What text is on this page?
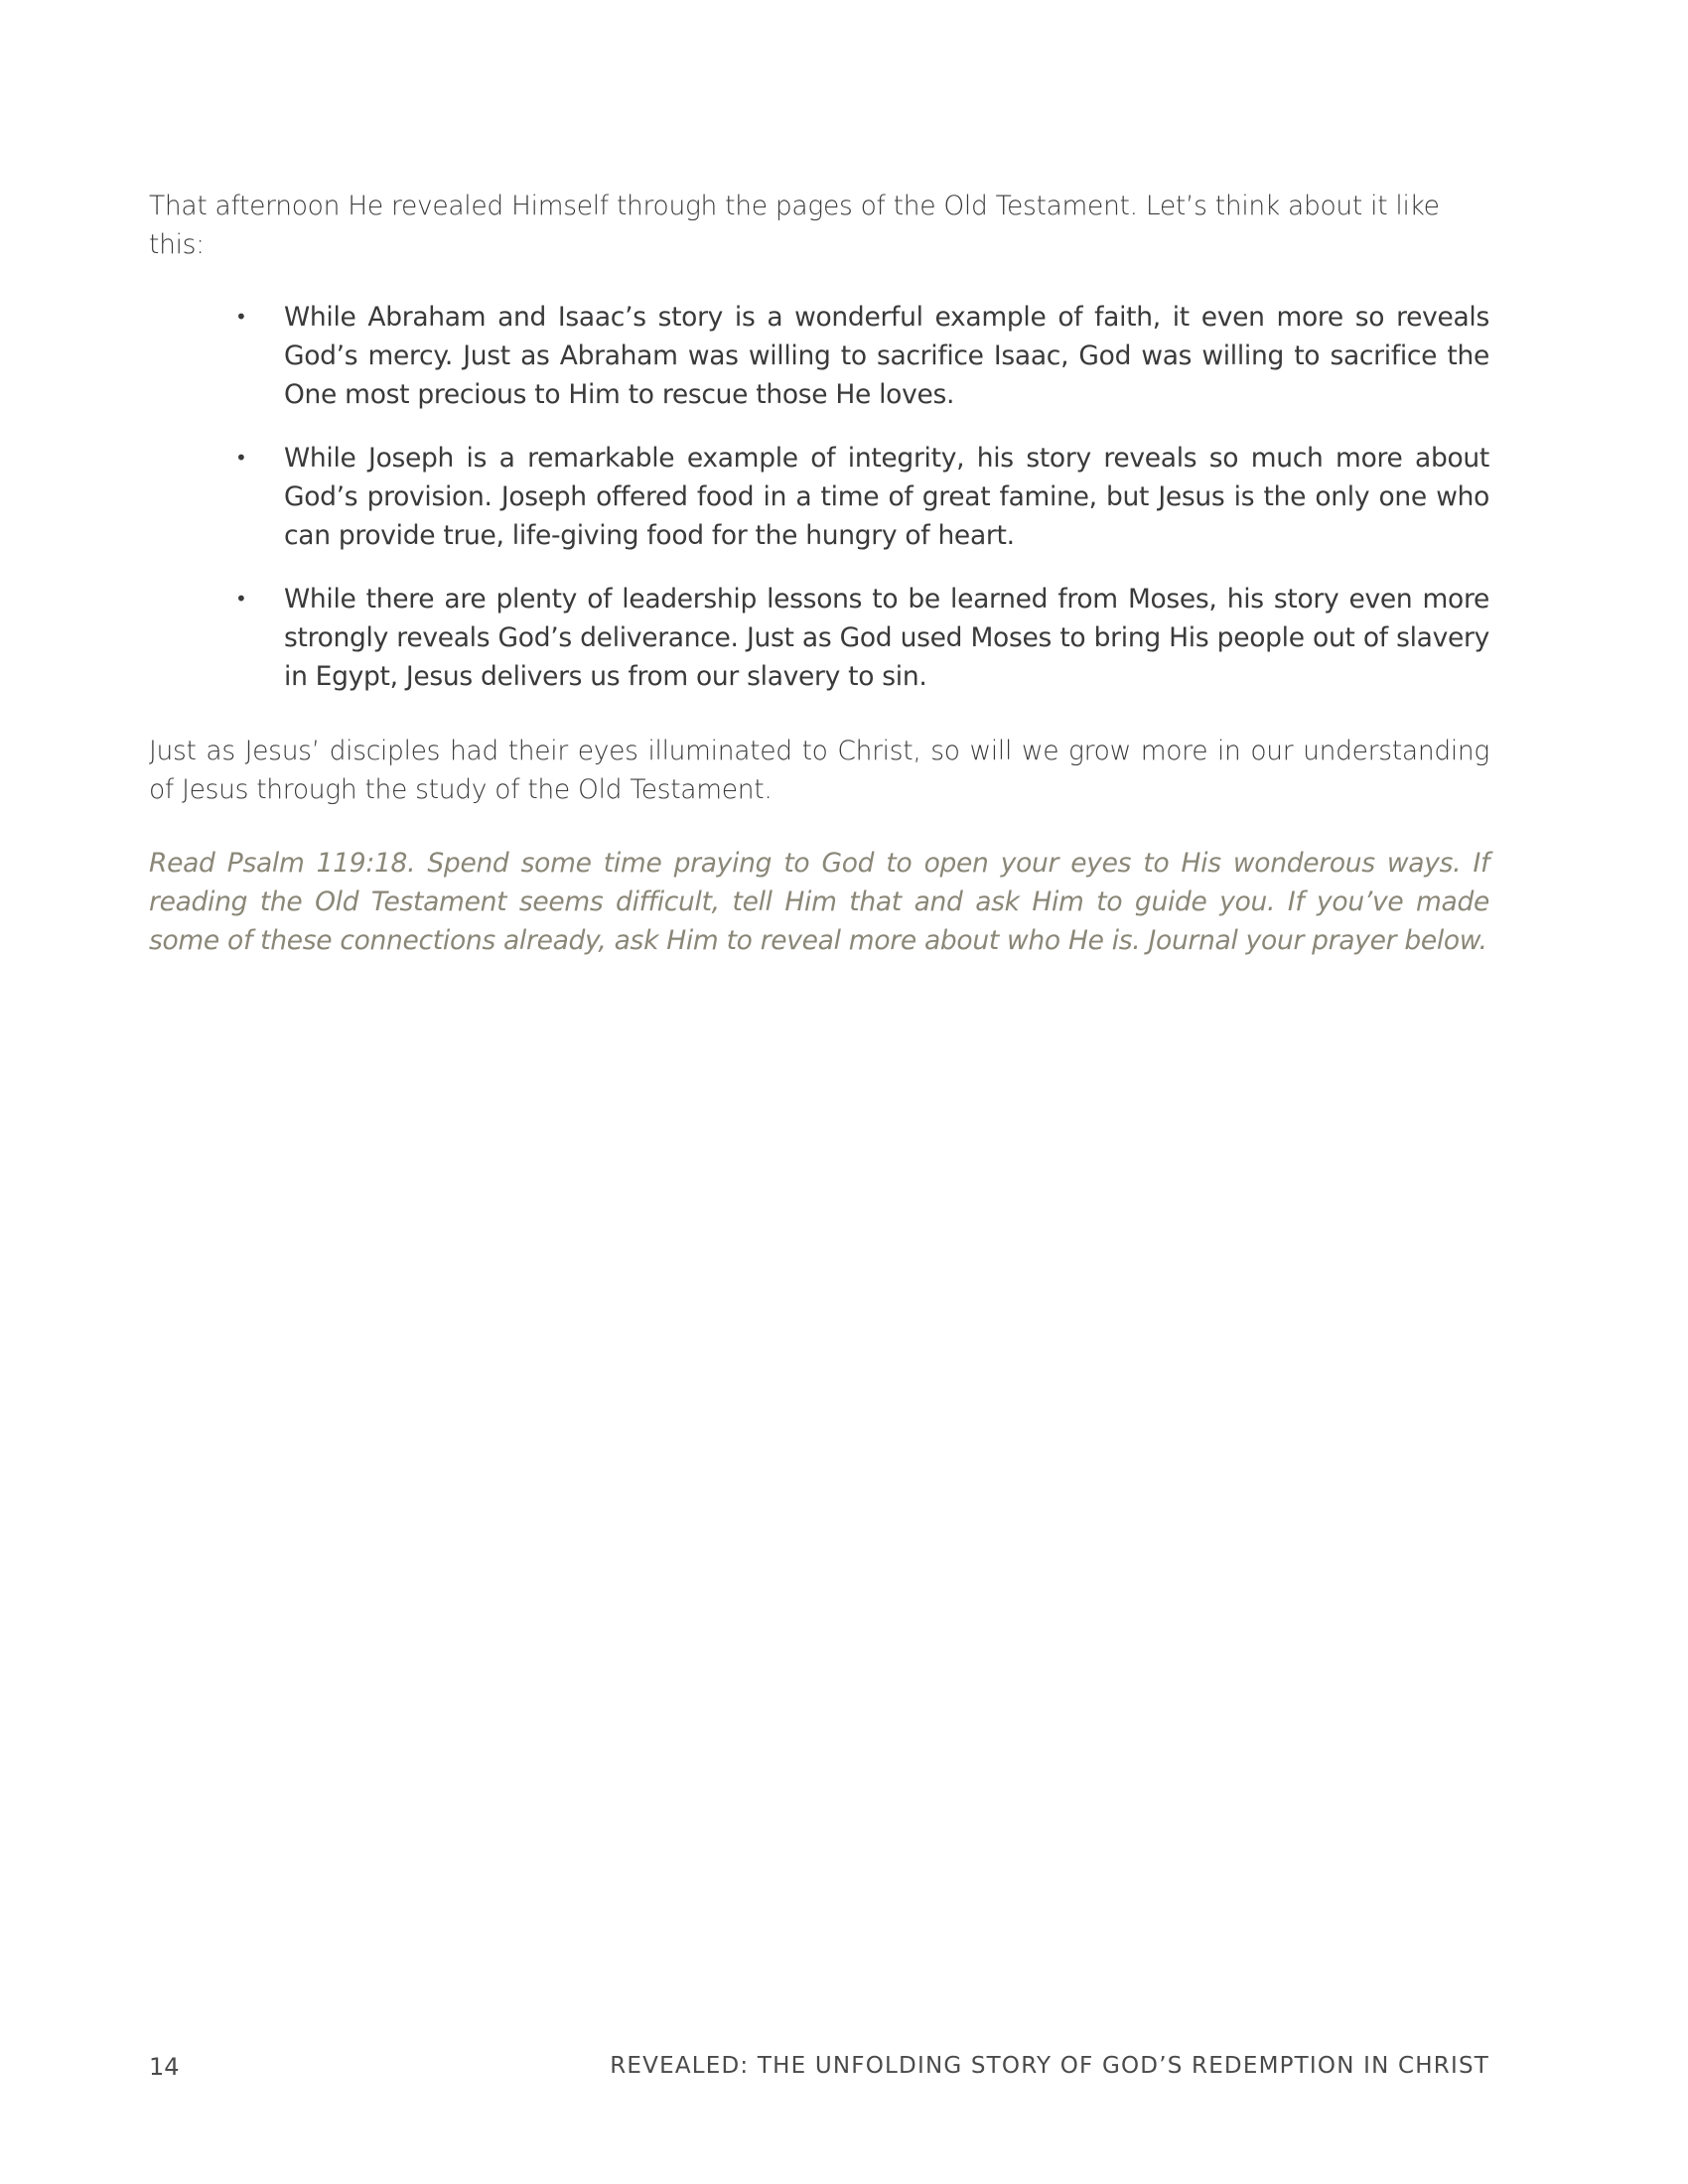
That afternoon He revealed Himself through the pages of the Old Testament. Let’s think about it like this:

• While Abraham and Isaac’s story is a wonderful example of faith, it even more so reveals God’s mercy. Just as Abraham was willing to sacrifice Isaac, God was willing to sacrifice the One most precious to Him to rescue those He loves.
• While Joseph is a remarkable example of integrity, his story reveals so much more about God’s provision. Joseph offered food in a time of great famine, but Jesus is the only one who can provide true, life-giving food for the hungry of heart.
• While there are plenty of leadership lessons to be learned from Moses, his story even more strongly reveals God’s deliverance. Just as God used Moses to bring His people out of slavery in Egypt, Jesus delivers us from our slavery to sin.

Just as Jesus’ disciples had their eyes illuminated to Christ, so will we grow more in our understanding of Jesus through the study of the Old Testament.

Read Psalm 119:18. Spend some time praying to God to open your eyes to His wonderous ways. If reading the Old Testament seems difficult, tell Him that and ask Him to guide you. If you’ve made some of these connections already, ask Him to reveal more about who He is. Journal your prayer below.

14	REVEALED: THE UNFOLDING STORY OF GOD’S REDEMPTION IN CHRIST
